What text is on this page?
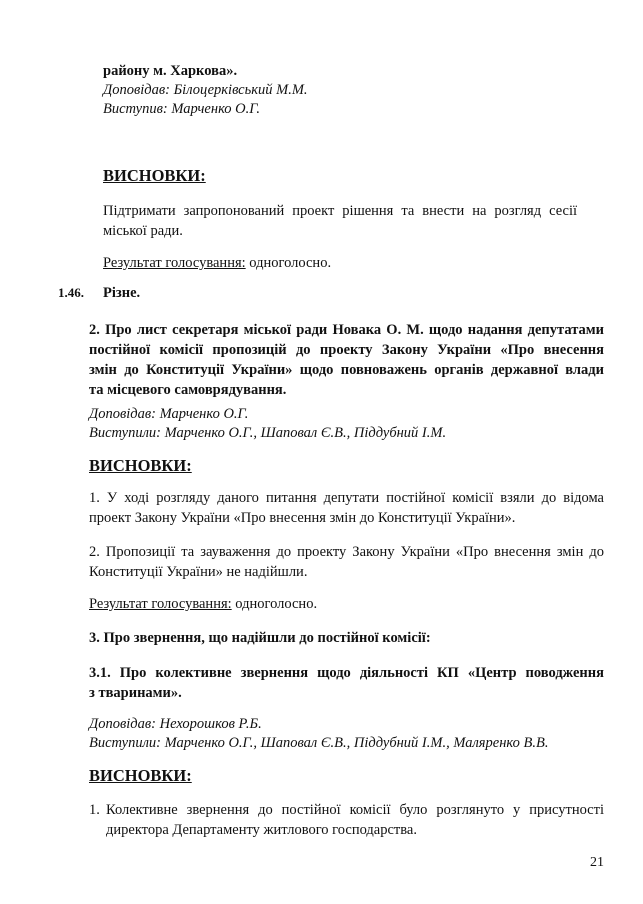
району м. Харкова».
Доповідав: Білоцерківський М.М.
Виступив: Марченко О.Г.
ВИСНОВКИ:
Підтримати запропонований проект рішення та внести на розгляд сесії
міської ради.
Результат голосування: одноголосно.
1.46. Різне.
2. Про лист секретаря міської ради Новака О. М. щодо надання депутатами
постійної комісії пропозицій до проекту Закону України «Про внесення
змін до Конституції України» щодо повноважень органів державної влади
та місцевого самоврядування.
Доповідав: Марченко О.Г.
Виступили: Марченко О.Г., Шаповал Є.В., Піддубний І.М.
ВИСНОВКИ:
1. У ході розгляду даного питання депутати постійної комісії взяли до відома
проект Закону України «Про внесення змін до Конституції України».
2. Пропозиції та зауваження до проекту Закону України «Про внесення змін до
Конституції України» не надійшли.
Результат голосування: одноголосно.
3. Про звернення, що надійшли до постійної комісії:
3.1. Про колективне звернення щодо діяльності КП «Центр поводження
з тваринами».
Доповідав: Нехорошков Р.Б.
Виступили: Марченко О.Г., Шаповал Є.В., Піддубний І.М., Маляренко В.В.
ВИСНОВКИ:
1. Колективне звернення до постійної комісії було розглянуто у присутності
директора Департаменту житлового господарства.
21
